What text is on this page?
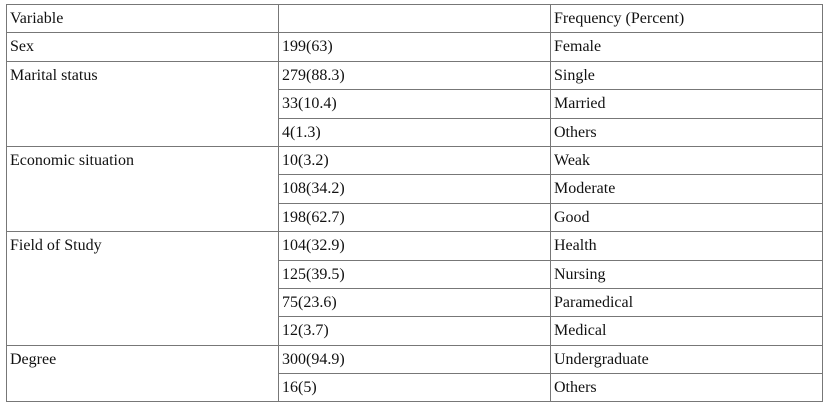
Variable		Frequency (Percent)
Sex	199(63)	Female
Marital status	279(88.3)	Single
	33(10.4)	Married
	4(1.3)	Others
Economic situation	10(3.2)	Weak
	108(34.2)	Moderate
	198(62.7)	Good
Field of Study	104(32.9)	Health
	125(39.5)	Nursing
	75(23.6)	Paramedical
	12(3.7)	Medical
Degree	300(94.9)	Undergraduate
	16(5)	Others
